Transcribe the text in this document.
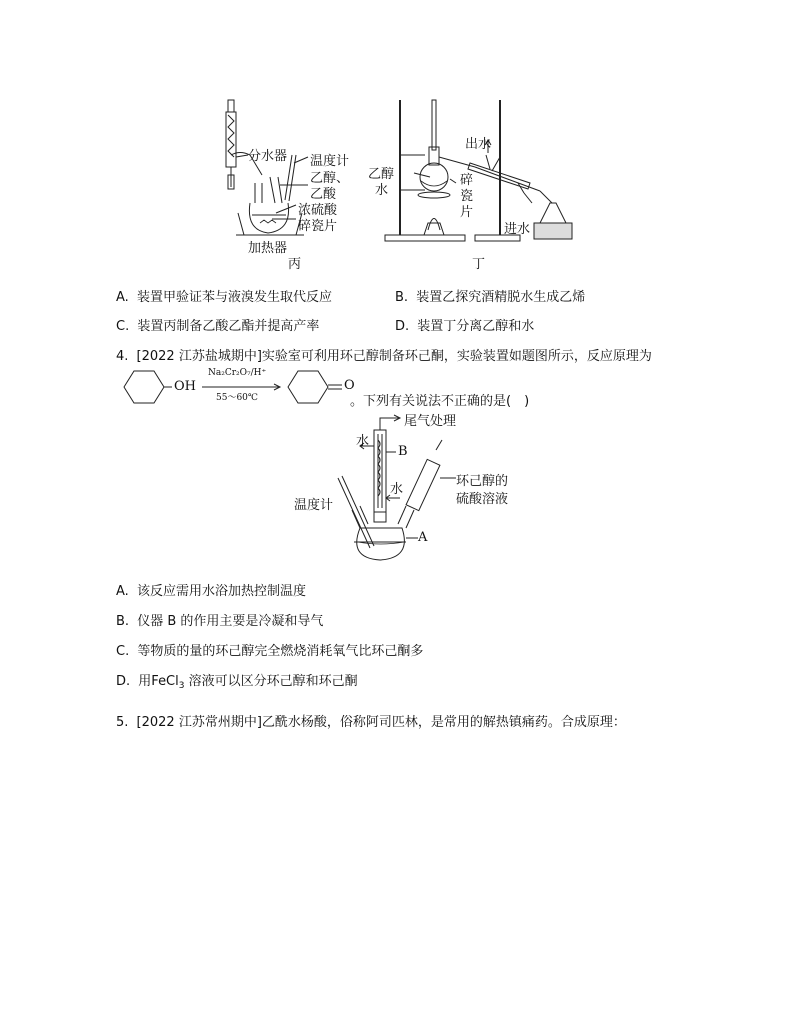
分水器 温度计
乙醇、
乙酸
浓硫酸
碎瓷片
加热器
丙
出水
乙醇
水
碎
瓷
片
进水
丁
A. 装置甲验证苯与液溴发生取代反应	B. 装置乙探究酒精脱水生成乙烯
C. 装置丙制备乙酸乙酯并提高产率	D. 装置丁分离乙醇和水
4. [2022 江苏盐城期中]实验室可利用环己醇制备环己酮，实验装置如题图所示，反应原理为
OH
Na₂Cr₂O₇/H⁺
55～60℃
O
。下列有关说法不正确的是(　)
尾气处理
水
B
水
环己醇的
硫酸溶液
温度计
A
A. 该反应需用水浴加热控制温度
B. 仪器 B 的作用主要是冷凝和导气
C. 等物质的量的环己醇完全燃烧消耗氧气比环己酮多
D. 用FeCl$_3$ 溶液可以区分环己醇和环己酮
5. [2022 江苏常州期中]乙酰水杨酸，俗称阿司匹林，是常用的解热镇痛药。合成原理：
